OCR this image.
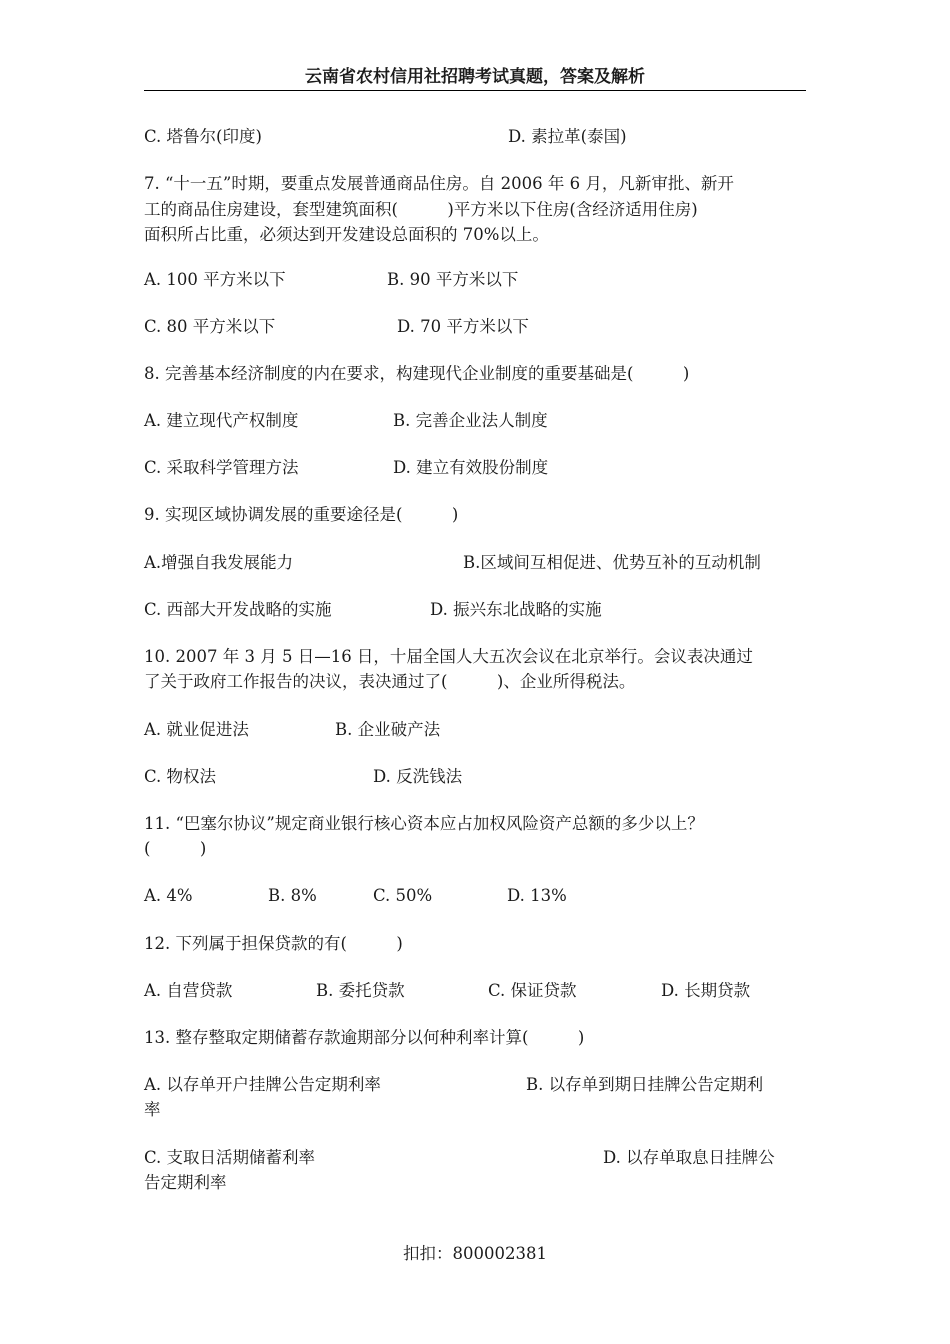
云南省农村信用社招聘考试真题，答案及解析
C. 塔鲁尔(印度)	D. 素拉革(泰国)
7. “十一五”时期，要重点发展普通商品住房。自 2006 年 6 月，凡新审批、新开
工的商品住房建设，套型建筑面积(　　　)平方米以下住房(含经济适用住房)
面积所占比重，必须达到开发建设总面积的 70%以上。
A. 100 平方米以下	B. 90 平方米以下
C. 80 平方米以下	D. 70 平方米以下
8. 完善基本经济制度的内在要求，构建现代企业制度的重要基础是(　　　)
A. 建立现代产权制度	B. 完善企业法人制度
C. 采取科学管理方法	D. 建立有效股份制度
9. 实现区域协调发展的重要途径是(　　　)
A.增强自我发展能力	B.区域间互相促进、优势互补的互动机制
C. 西部大开发战略的实施	D. 振兴东北战略的实施
10. 2007 年 3 月 5 日—16 日，十届全国人大五次会议在北京举行。会议表决通过
了关于政府工作报告的决议，表决通过了(　　　)、企业所得税法。
A. 就业促进法	B. 企业破产法
C. 物权法	D. 反洗钱法
11. “巴塞尔协议”规定商业银行核心资本应占加权风险资产总额的多少以上？
(　　　)
A. 4%	B. 8%	C. 50%	D. 13%
12. 下列属于担保贷款的有(　　　)
A. 自营贷款	B. 委托贷款	C. 保证贷款	D. 长期贷款
13. 整存整取定期储蓄存款逾期部分以何种利率计算(　　　)
A. 以存单开户挂牌公告定期利率	B. 以存单到期日挂牌公告定期利
率
C. 支取日活期储蓄利率	D. 以存单取息日挂牌公
告定期利率
扣扣：800002381
